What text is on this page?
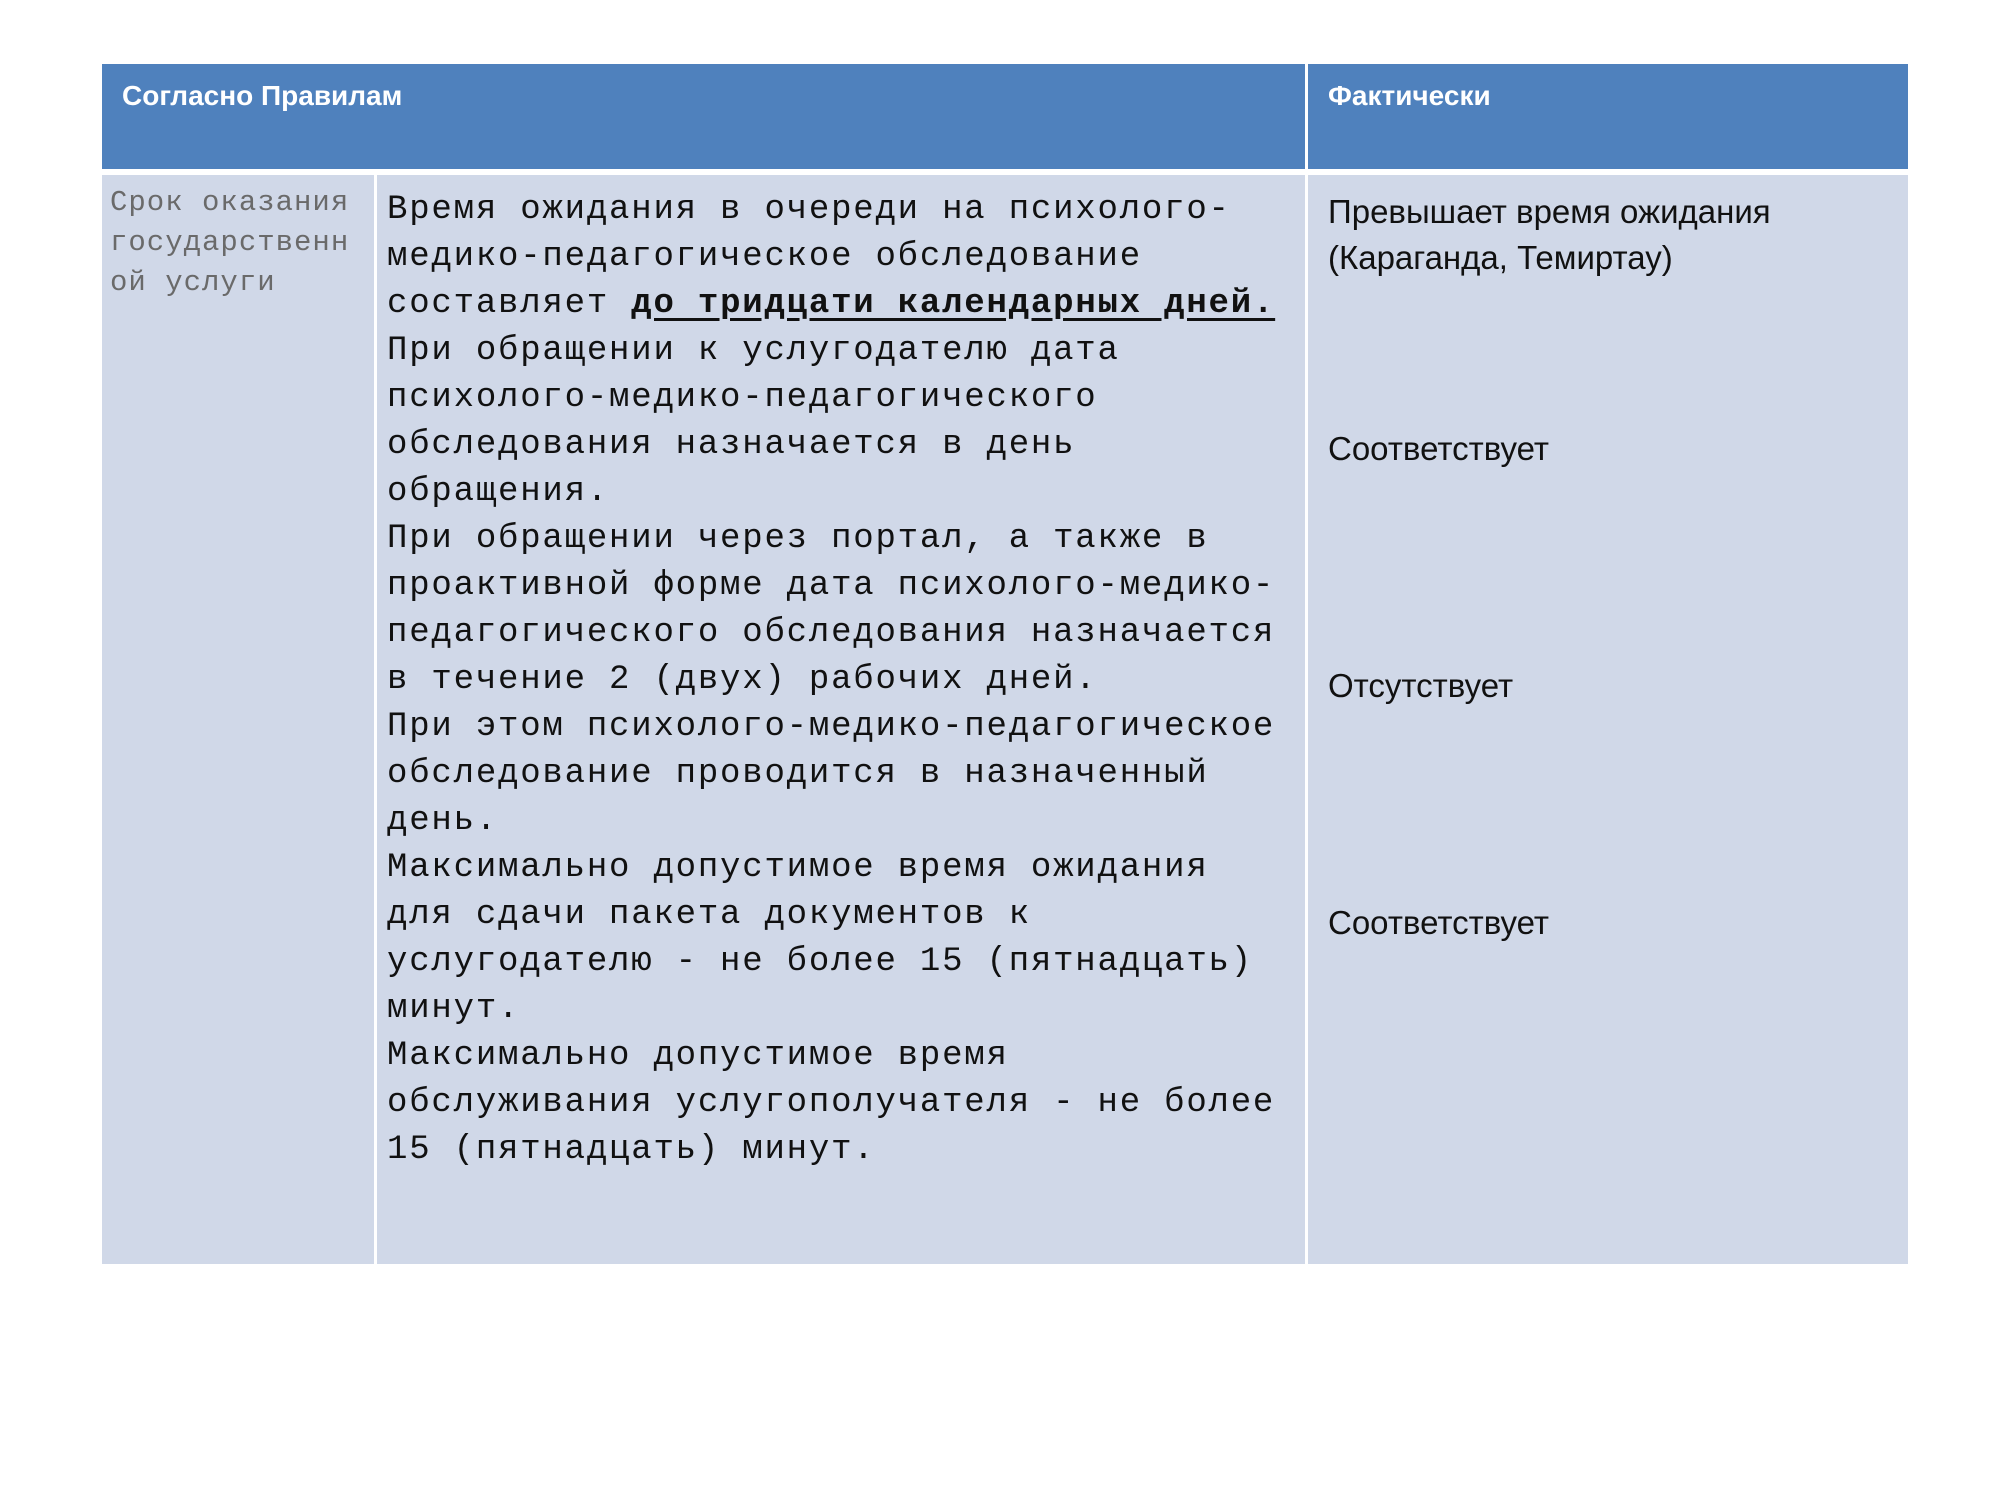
Согласно Правилам	Фактически
Срок оказания государственной услуги

Время ожидания в очереди на психолого-медико-педагогическое обследование составляет до тридцати календарных дней.

При обращении к услугодателю дата психолого-медико-педагогического обследования назначается в день обращения.

При обращении через портал, а также в проактивной форме дата психолого-медико-педагогического обследования назначается в течение 2 (двух) рабочих дней.

При этом психолого-медико-педагогическое обследование проводится в назначенный день.

Максимально допустимое время ожидания для сдачи пакета документов к услугодателю - не более 15 (пятнадцать) минут.

Максимально допустимое время обслуживания услугополучателя - не более 15 (пятнадцать) минут.

Превышает время ожидания (Караганда, Темиртау)

Соответствует

Отсутствует

Соответствует
